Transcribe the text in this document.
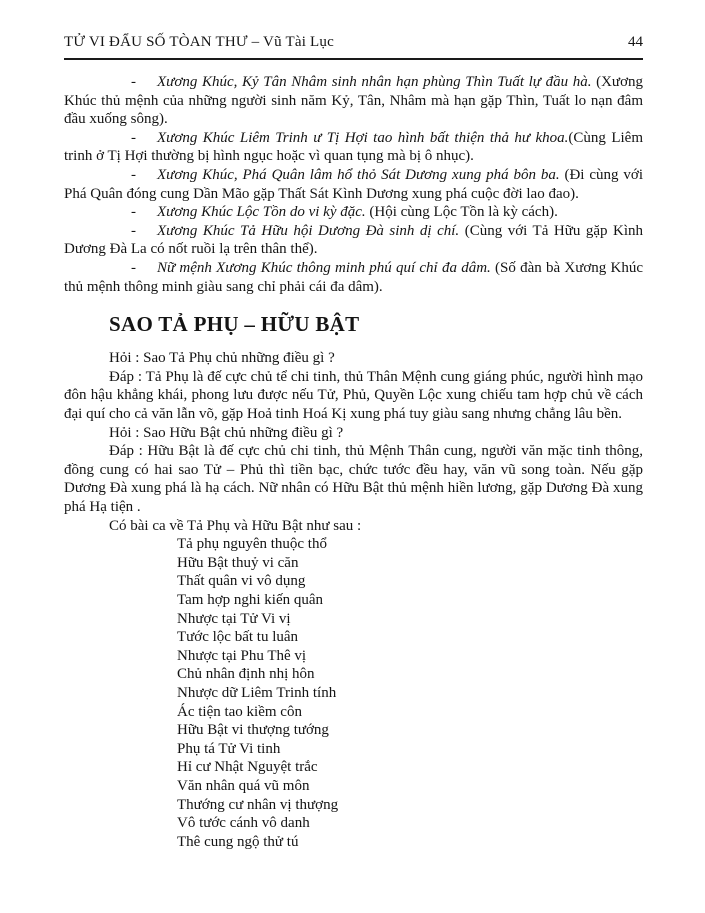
TỬ VI ĐẨU SỐ TÒAN THƯ – Vũ Tài Lục	44

- Xương Khúc, Kỷ Tân Nhâm sinh nhân hạn phùng Thìn Tuất lự đầu hà. (Xương Khúc thủ mệnh của những người sinh năm Kỷ, Tân, Nhâm mà hạn gặp Thìn, Tuất lo nạn đâm đầu xuống sông).

- Xương Khúc Liêm Trinh ư Tị Hợi tao hình bất thiện thả hư khoa.(Cùng Liêm trinh ở Tị Hợi thường bị hình ngục hoặc vì quan tụng mà bị ô nhục).

- Xương Khúc, Phá Quân lâm hổ thỏ Sát Dương xung phá bôn ba. (Đi cùng với Phá Quân đóng cung Dần Mão gặp Thất Sát Kình Dương xung phá cuộc đời lao đao).

- Xương Khúc Lộc Tồn do vi kỳ đặc. (Hội cùng Lộc Tồn là kỳ cách).

- Xương Khúc Tả Hữu hội Dương Đà sinh dị chí. (Cùng với Tả Hữu gặp Kình Dương Đà La có nốt ruồi lạ trên thân thể).

- Nữ mệnh Xương Khúc thông minh phú quí chỉ đa dâm. (Số đàn bà Xương Khúc thủ mệnh thông minh giàu sang chỉ phải cái đa dâm).

SAO TẢ PHỤ – HỮU BẬT

Hỏi : Sao Tả Phụ chủ những điều gì ?

Đáp : Tả Phụ là đế cực chủ tể chi tinh, thủ Thân Mệnh cung giáng phúc, người hình mạo đôn hậu khẳng khái, phong lưu được nếu Tử, Phủ, Quyền Lộc xung chiếu tam hợp chủ về cách đại quí cho cả văn lẫn võ, gặp Hoả tinh Hoá Kị xung phá tuy giàu sang nhưng chẳng lâu bền.

Hỏi : Sao Hữu Bật chủ những điều gì ?

Đáp : Hữu Bật là đế cực chủ chi tinh, thủ Mệnh Thân cung, người văn mặc tinh thông, đồng cung có hai sao Tử – Phủ thì tiền bạc, chức tước đều hay, văn vũ song toàn. Nếu gặp Dương Đà xung phá là hạ cách. Nữ nhân có Hữu Bật thủ mệnh hiền lương, gặp Dương Đà xung phá Hạ tiện .

Có bài ca về Tả Phụ và Hữu Bật như sau :

Tả phụ nguyên thuộc thổ
Hữu Bật thuỷ vi căn
Thất quân vi vô dụng
Tam hợp nghi kiến quân
Nhược tại Tử Vi vị
Tước lộc bất tu luân
Nhược tại Phu Thê vị
Chủ nhân định nhị hôn
Nhược dữ Liêm Trinh tính
Ác tiện tao kiềm côn
Hữu Bật vi thượng tướng
Phụ tá Tử Vi tinh
Hỉ cư Nhật Nguyệt trắc
Văn nhân quá vũ môn
Thướng cư nhân vị thượng
Vô tước cánh vô danh
Thê cung ngộ thử tú
